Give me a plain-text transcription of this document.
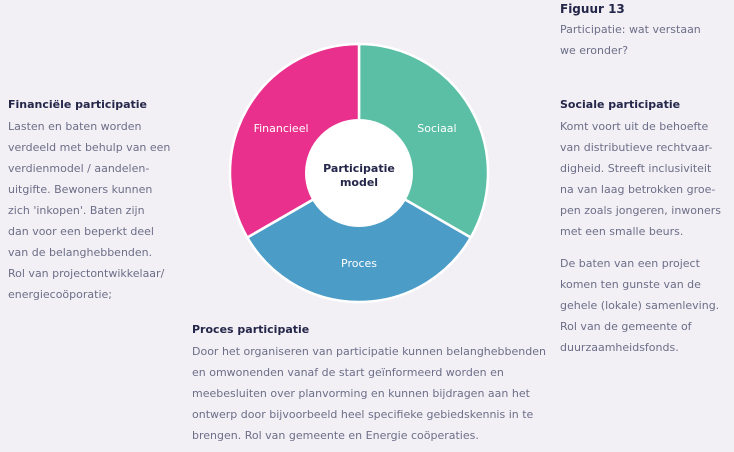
Figuur 13
Participatie: wat verstaan
we eronder?
Financiële participatie
Lasten en baten worden
verdeeld met behulp van een
verdienmodel / aandelen-
uitgifte. Bewoners kunnen
zich 'inkopen'. Baten zijn
dan voor een beperkt deel
van de belanghebbenden.
Rol van projectontwikkelaar/
energiecoöporatie;
Sociale participatie
Komt voort uit de behoefte
van distributieve rechtvaar-
digheid. Streeft inclusiviteit
na van laag betrokken groe-
pen zoals jongeren, inwoners
met een smalle beurs.
De baten van een project
komen ten gunste van de
gehele (lokale) samenleving.
Rol van de gemeente of
duurzaamheidsfonds.
Proces participatie
Door het organiseren van participatie kunnen belanghebbenden
en omwonenden vanaf de start geïnformeerd worden en
meebesluiten over planvorming en kunnen bijdragen aan het
ontwerp door bijvoorbeeld heel specifieke gebiedskennis in te
brengen. Rol van gemeente en Energie coöperaties.
Participatie
model
Sociaal
Proces
Financieel
